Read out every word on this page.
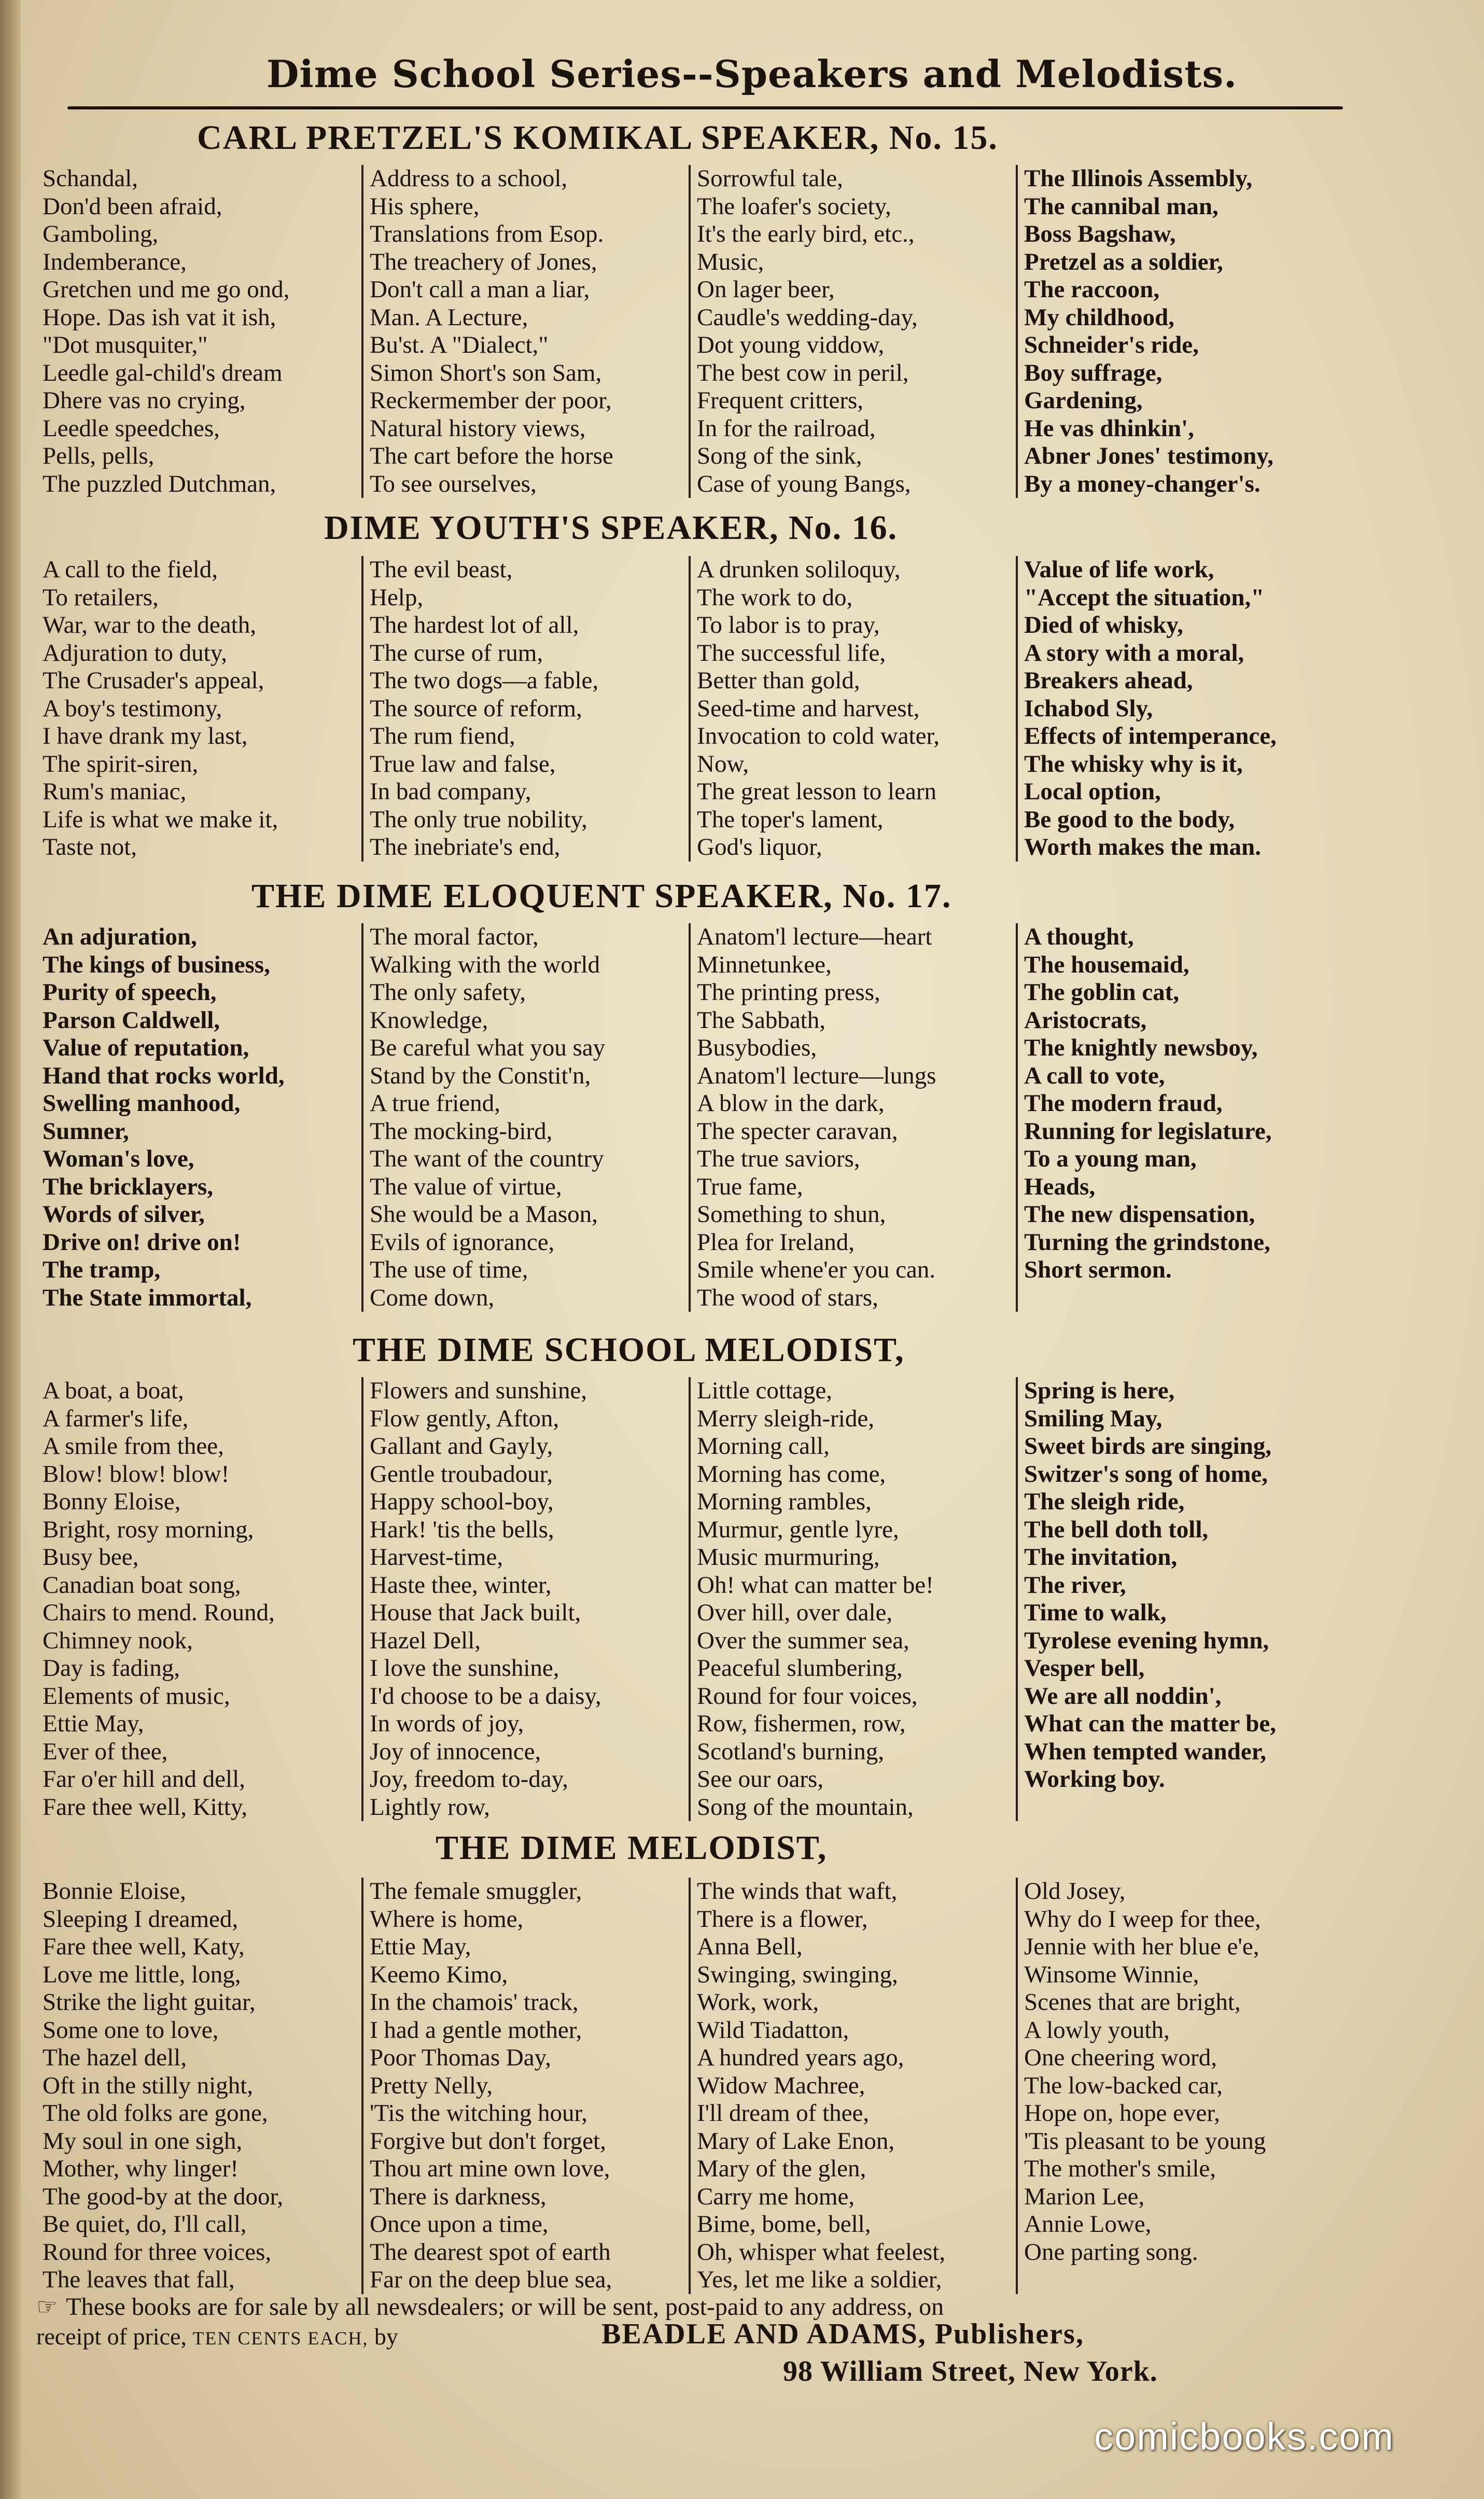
Dime School Series--Speakers and Melodists.
CARL PRETZEL'S KOMIKAL SPEAKER, No. 15.
Schandal,
Don'd been afraid,
Gamboling,
Indemberance,
Gretchen und me go ond,
Hope. Das ish vat it ish,
"Dot musquiter,"
Leedle gal-child's dream
Dhere vas no crying,
Leedle speedches,
Pells, pells,
The puzzled Dutchman,
Address to a school,
His sphere,
Translations from Esop.
The treachery of Jones,
Don't call a man a liar,
Man. A Lecture,
Bu'st. A "Dialect,"
Simon Short's son Sam,
Reckermember der poor,
Natural history views,
The cart before the horse
To see ourselves,
Sorrowful tale,
The loafer's society,
It's the early bird, etc.,
Music,
On lager beer,
Caudle's wedding-day,
Dot young viddow,
The best cow in peril,
Frequent critters,
In for the railroad,
Song of the sink,
Case of young Bangs,
The Illinois Assembly,
The cannibal man,
Boss Bagshaw,
Pretzel as a soldier,
The raccoon,
My childhood,
Schneider's ride,
Boy suffrage,
Gardening,
He vas dhinkin',
Abner Jones' testimony,
By a money-changer's.
DIME YOUTH'S SPEAKER, No. 16.
A call to the field,
To retailers,
War, war to the death,
Adjuration to duty,
The Crusader's appeal,
A boy's testimony,
I have drank my last,
The spirit-siren,
Rum's maniac,
Life is what we make it,
Taste not,
The evil beast,
Help,
The hardest lot of all,
The curse of rum,
The two dogs—a fable,
The source of reform,
The rum fiend,
True law and false,
In bad company,
The only true nobility,
The inebriate's end,
A drunken soliloquy,
The work to do,
To labor is to pray,
The successful life,
Better than gold,
Seed-time and harvest,
Invocation to cold water,
Now,
The great lesson to learn
The toper's lament,
God's liquor,
Value of life work,
"Accept the situation,"
Died of whisky,
A story with a moral,
Breakers ahead,
Ichabod Sly,
Effects of intemperance,
The whisky why is it,
Local option,
Be good to the body,
Worth makes the man.
THE DIME ELOQUENT SPEAKER, No. 17.
An adjuration,
The kings of business,
Purity of speech,
Parson Caldwell,
Value of reputation,
Hand that rocks world,
Swelling manhood,
Sumner,
Woman's love,
The bricklayers,
Words of silver,
Drive on! drive on!
The tramp,
The State immortal,
The moral factor,
Walking with the world
The only safety,
Knowledge,
Be careful what you say
Stand by the Constit'n,
A true friend,
The mocking-bird,
The want of the country
The value of virtue,
She would be a Mason,
Evils of ignorance,
The use of time,
Come down,
Anatom'l lecture—heart
Minnetunkee,
The printing press,
The Sabbath,
Busybodies,
Anatom'l lecture—lungs
A blow in the dark,
The specter caravan,
The true saviors,
True fame,
Something to shun,
Plea for Ireland,
Smile whene'er you can.
The wood of stars,
A thought,
The housemaid,
The goblin cat,
Aristocrats,
The knightly newsboy,
A call to vote,
The modern fraud,
Running for legislature,
To a young man,
Heads,
The new dispensation,
Turning the grindstone,
Short sermon.
THE DIME SCHOOL MELODIST,
A boat, a boat,
A farmer's life,
A smile from thee,
Blow! blow! blow!
Bonny Eloise,
Bright, rosy morning,
Busy bee,
Canadian boat song,
Chairs to mend. Round,
Chimney nook,
Day is fading,
Elements of music,
Ettie May,
Ever of thee,
Far o'er hill and dell,
Fare thee well, Kitty,
Flowers and sunshine,
Flow gently, Afton,
Gallant and Gayly,
Gentle troubadour,
Happy school-boy,
Hark! 'tis the bells,
Harvest-time,
Haste thee, winter,
House that Jack built,
Hazel Dell,
I love the sunshine,
I'd choose to be a daisy,
In words of joy,
Joy of innocence,
Joy, freedom to-day,
Lightly row,
Little cottage,
Merry sleigh-ride,
Morning call,
Morning has come,
Morning rambles,
Murmur, gentle lyre,
Music murmuring,
Oh! what can matter be!
Over hill, over dale,
Over the summer sea,
Peaceful slumbering,
Round for four voices,
Row, fishermen, row,
Scotland's burning,
See our oars,
Song of the mountain,
Spring is here,
Smiling May,
Sweet birds are singing,
Switzer's song of home,
The sleigh ride,
The bell doth toll,
The invitation,
The river,
Time to walk,
Tyrolese evening hymn,
Vesper bell,
We are all noddin',
What can the matter be,
When tempted wander,
Working boy.
THE DIME MELODIST,
Bonnie Eloise,
Sleeping I dreamed,
Fare thee well, Katy,
Love me little, long,
Strike the light guitar,
Some one to love,
The hazel dell,
Oft in the stilly night,
The old folks are gone,
My soul in one sigh,
Mother, why linger!
The good-by at the door,
Be quiet, do, I'll call,
Round for three voices,
The leaves that fall,
The female smuggler,
Where is home,
Ettie May,
Keemo Kimo,
In the chamois' track,
I had a gentle mother,
Poor Thomas Day,
Pretty Nelly,
'Tis the witching hour,
Forgive but don't forget,
Thou art mine own love,
There is darkness,
Once upon a time,
The dearest spot of earth
Far on the deep blue sea,
The winds that waft,
There is a flower,
Anna Bell,
Swinging, swinging,
Work, work,
Wild Tiadatton,
A hundred years ago,
Widow Machree,
I'll dream of thee,
Mary of Lake Enon,
Mary of the glen,
Carry me home,
Bime, bome, bell,
Oh, whisper what feelest,
Yes, let me like a soldier,
Old Josey,
Why do I weep for thee,
Jennie with her blue e'e,
Winsome Winnie,
Scenes that are bright,
A lowly youth,
One cheering word,
The low-backed car,
Hope on, hope ever,
'Tis pleasant to be young
The mother's smile,
Marion Lee,
Annie Lowe,
One parting song.
☞ These books are for sale by all newsdealers; or will be sent, post-paid to any address, on
receipt of price, TEN CENTS EACH, by	BEADLE AND ADAMS, Publishers,
98 William Street, New York.
comicbooks.com
